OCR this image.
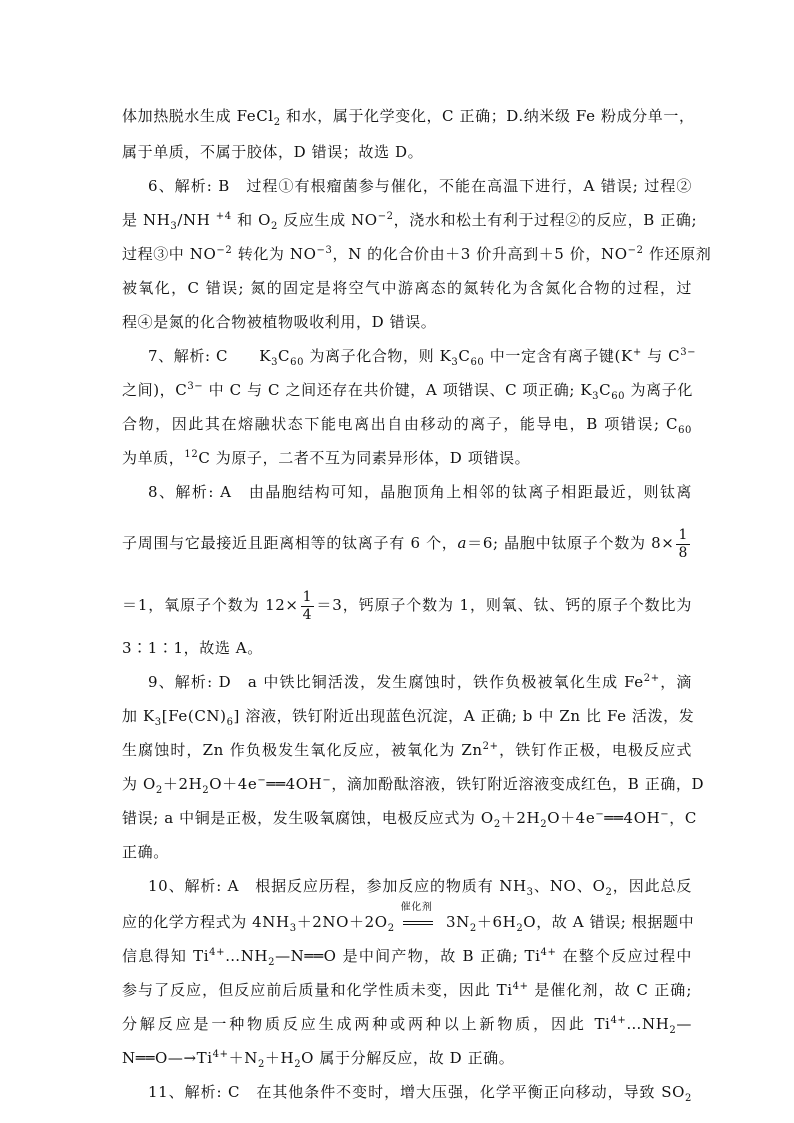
体加热脱水生成 FeCl$_2$ 和水，属于化学变化，C 正确；D.纳米级 Fe 粉成分单一，
属于单质，不属于胶体，D 错误；故选 D。
6、解析: B　过程①有根瘤菌参与催化，不能在高温下进行，A 错误; 过程②
是 $NH_3/NH$ $^{+4}$ 和 $O_2$ 反应生成 $NO^{-2}$，浇水和松土有利于过程②的反应，B 正确;
过程③中 $NO^{-2}$ 转化为 $NO^{-3}$，N 的化合价由＋3 价升高到＋5 价，$NO^{-2}$ 作还原剂
被氧化，C 错误; 氮的固定是将空气中游离态的氮转化为含氮化合物的过程，过
程④是氮的化合物被植物吸收利用，D 错误。
7、解析: C　　$K_3C_{60}$ 为离子化合物，则 $K_3C_{60}$ 中一定含有离子键(K+ 与 $C^{3-}$
之间)，$C^{3-}$ 中 C 与 C 之间还存在共价键，A 项错误、C 项正确; $K_3C_{60}$ 为离子化
合物，因此其在熔融状态下能电离出自由移动的离子，能导电，B 项错误; $C_{60}$
为单质，$^{12}$C 为原子，二者不互为同素异形体，D 项错误。
8、解析: A　由晶胞结构可知，晶胞顶角上相邻的钛离子相距最近，则钛离
子周围与它最接近且距离相等的钛离子有 6 个，a＝6; 晶胞中钛原子个数为 $8\times \frac{1}{8}$
＝1，氧原子个数为 $12\times \frac{1}{4} =3$，钙原子个数为 1，则氧、钛、钙的原子个数比为
3∶1∶1，故选 A。
9、解析: D　a 中铁比铜活泼，发生腐蚀时，铁作负极被氧化生成 $Fe^{2+}$，滴
加 $K_3[Fe(CN)_6]$ 溶液，铁钉附近出现蓝色沉淀，A 正确; b 中 Zn 比 Fe 活泼，发
生腐蚀时，Zn 作负极发生氧化反应，被氧化为 $Zn^{2+}$，铁钉作正极，电极反应式
为 $O_2+2H_2O+4e^-══4OH^-$，滴加酚酞溶液，铁钉附近溶液变成红色，B 正确，D
错误; a 中铜是正极，发生吸氧腐蚀，电极反应式为 $O_2+2H_2O+4e^-══4OH^-$，C
正确。
10、解析: A　根据反应历程，参加反应的物质有 $NH_3$、NO、$O_2$，因此总反
应的化学方程式为 $4NH_3+2NO+2O_2$
催化剂
$3N_2+6H_2O$，故 A 错误; 根据题中
信息得知 $Ti^{4+}\dots NH_2—N══O$ 是中间产物，故 B 正确; $Ti^{4+}$ 在整个反应过程中
参与了反应，但反应前后质量和化学性质未变，因此 $Ti^{4+}$ 是催化剂，故 C 正确;
分解反应是一种物质反应生成两种或两种以上新物质，因此 $Ti^{4+}\dots NH_2—$
$N══O—\to Ti^{4+}+N_2+H_2O$ 属于分解反应，故 D 正确。
11、解析: C　在其他条件不变时，增大压强，化学平衡正向移动，导致 $SO_2$
